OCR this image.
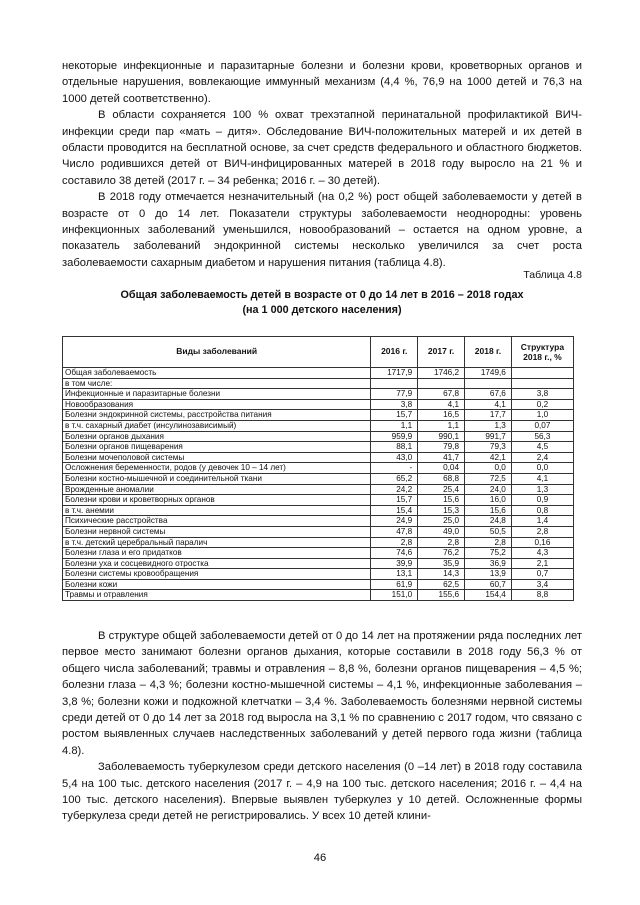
некоторые инфекционные и паразитарные болезни и болезни крови, кроветворных органов и отдельные нарушения, вовлекающие иммунный механизм (4,4 %, 76,9 на 1000 детей и 76,3 на 1000 детей соответственно).

В области сохраняется 100 % охват трехэтапной перинатальной профилактикой ВИЧ-инфекции среди пар «мать – дитя». Обследование ВИЧ-положительных матерей и их детей в области проводится на бесплатной основе, за счет средств федерального и областного бюджетов. Число родившихся детей от ВИЧ-инфицированных матерей в 2018 году выросло на 21 % и составило 38 детей (2017 г. – 34 ребенка; 2016 г. – 30 детей).

В 2018 году отмечается незначительный (на 0,2 %) рост общей заболеваемости у детей в возрасте от 0 до 14 лет. Показатели структуры заболеваемости неоднородны: уровень инфекционных заболеваний уменьшился, новообразований – остается на одном уровне, а показатель заболеваний эндокринной системы несколько увеличился за счет роста заболеваемости сахарным диабетом и нарушения питания (таблица 4.8).

Таблица 4.8
Общая заболеваемость детей в возрасте от 0 до 14 лет в 2016 – 2018 годах
(на 1 000 детского населения)
Виды заболеваний	2016 г.	2017 г.	2018 г.	Структура 2018 г., %
Общая заболеваемость	1717,9	1746,2	1749,6	
в том числе:				
Инфекционные и паразитарные болезни	77,9	67,8	67,6	3,8
Новообразования	3,8	4,1	4,1	0,2
Болезни эндокринной системы, расстройства питания	15,7	16,5	17,7	1,0
в т.ч. сахарный диабет (инсулинозависимый)	1,1	1,1	1,3	0,07
Болезни органов дыхания	959,9	990,1	991,7	56,3
Болезни органов пищеварения	88,1	79,8	79,3	4,5
Болезни мочеполовой системы	43,0	41,7	42,1	2,4
Осложнения беременности, родов (у девочек 10 – 14 лет)	-	0,04	0,0	0,0
Болезни костно-мышечной и соединительной ткани	65,2	68,8	72,5	4,1
Врожденные аномалии	24,2	25,4	24,0	1,3
Болезни крови и кроветворных органов	15,7	15,6	16,0	0,9
в т.ч. анемии	15,4	15,3	15,6	0,8
Психические расстройства	24,9	25,0	24,8	1,4
Болезни нервной системы	47,8	49,0	50,5	2,8
в т.ч. детский церебральный паралич	2,8	2,8	2,8	0,16
Болезни глаза и его придатков	74,6	76,2	75,2	4,3
Болезни уха и сосцевидного отростка	39,9	35,9	36,9	2,1
Болезни системы кровообращения	13,1	14,3	13,9	0,7
Болезни кожи	61,9	62,5	60,7	3,4
Травмы и отравления	151,0	155,6	154,4	8,8

В структуре общей заболеваемости детей от 0 до 14 лет на протяжении ряда последних лет первое место занимают болезни органов дыхания, которые составили в 2018 году 56,3 % от общего числа заболеваний; травмы и отравления – 8,8 %, болезни органов пищеварения – 4,5 %; болезни глаза – 4,3 %; болезни костно-мышечной системы – 4,1 %, инфекционные заболевания – 3,8 %; болезни кожи и подкожной клетчатки – 3,4 %. Заболеваемость болезнями нервной системы среди детей от 0 до 14 лет за 2018 год выросла на 3,1 % по сравнению с 2017 годом, что связано с ростом выявленных случаев наследственных заболеваний у детей первого года жизни (таблица 4.8).

Заболеваемость туберкулезом среди детского населения (0 –14 лет) в 2018 году составила 5,4 на 100 тыс. детского населения (2017 г. – 4,9 на 100 тыс. детского населения; 2016 г. – 4,4 на 100 тыс. детского населения). Впервые выявлен туберкулез у 10 детей. Осложненные формы туберкулеза среди детей не регистрировались. У всех 10 детей клини-

46
